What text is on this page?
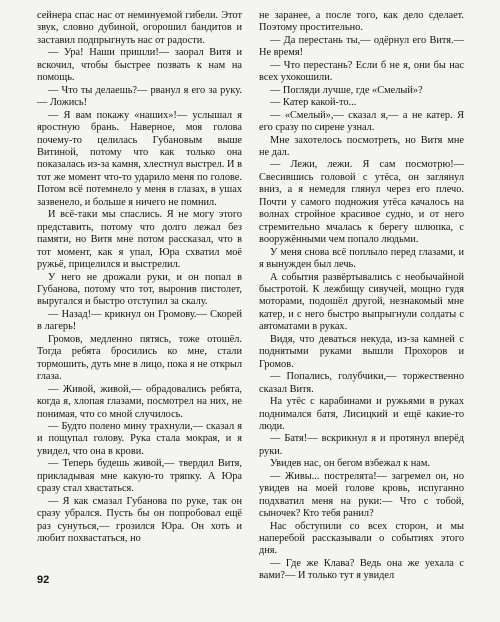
сейнера спас нас от неминуемой гибели. Этот звук, словно дубиной, огорошил бандитов и заставил подпрыгнуть нас от радости.

— Ура! Наши пришли!— заорал Витя и вскочил, чтобы быстрее позвать к нам на помощь.

— Что ты делаешь?— рванул я его за руку.— Ложись!

— Я вам покажу «наших»!— услышал я яростную брань. Наверное, моя голова почему-то целилась Губановым выше Витиной, потому что как только она показалась из-за камня, хлестнул выстрел. И в тот же момент что-то ударило меня по голове. Потом всё потемнело у меня в глазах, в ушах зазвенело, и больше я ничего не помнил.

И всё-таки мы спаслись. Я не могу этого представить, потому что долго лежал без памяти, но Витя мне потом рассказал, что в тот момент, как я упал, Юра схватил моё ружьё, прицелился и выстрелил.

У него не дрожали руки, и он попал в Губанова, потому что тот, выронив пистолет, выругался и быстро отступил за скалу.

— Назад!— крикнул он Громову.— Скорей в лагерь!

Громов, медленно пятясь, тоже отошёл. Тогда ребята бросились ко мне, стали тормошить, дуть мне в лицо, пока я не открыл глаза.

— Живой, живой,— обрадовались ребята, когда я, хлопая глазами, посмотрел на них, не понимая, что со мной случилось.

— Будто полено мину трахнули,— сказал я и пощупал голову. Рука стала мокрая, и я увидел, что она в крови.

— Теперь будешь живой,— твердил Витя, прикладывая мне какую-то тряпку. А Юра сразу стал хвастаться.

— Я как смазал Губанова по руке, так он сразу убрался. Пусть бы он попробовал ещё раз сунуться,— грозился Юра. Он хоть и любит похвастаться, но

не заранее, а после того, как дело сделает. Поэтому простительно.

— Да перестань ты,— одёрнул его Витя.— Не время!

— Что перестань? Если б не я, они бы нас всех ухокошили.

— Погляди лучше, где «Смелый»?

— Катер какой-то...

— «Смелый»,— сказал я,— а не катер. Я его сразу по сирене узнал.

Мне захотелось посмотреть, но Витя мне не дал.

— Лежи, лежи. Я сам посмотрю!— Свесившись головой с утёса, он заглянул вниз, а я немедля глянул через его плечо. Почти у самого подножия утёса качалось на волнах стройное красивое судно, и от него стремительно мчалась к берегу шлюпка, с вооружёнными чем попало людьми.

У меня снова всё поплыло перед глазами, и я вынужден был лечь.

А события развёртывались с необычайной быстротой. К лежбищу сивучей, мощно гудя моторами, подошёл другой, незнакомый мне катер, и с него быстро выпрыгнули солдаты с автоматами в руках.

Видя, что деваться некуда, из-за камней с поднятыми руками вышли Прохоров и Громов.

— Попались, голубчики,— торжественно сказал Витя.

На утёс с карабинами и ружьями в руках поднимался батя, Лисицкий и ещё какие-то люди.

— Батя!— вскрикнул я и протянул вперёд руки.

Увидев нас, он бегом взбежал к нам.

— Живы... пострелята!— загремел он, но увидев на моей голове кровь, испуганно подхватил меня на руки:— Что с тобой, сыночек? Кто тебя ранил?

Нас обступили со всех сторон, и мы наперебой рассказывали о событиях этого дня.

— Где же Клава? Ведь она же уехала с вами?— И только тут я увидел

92
